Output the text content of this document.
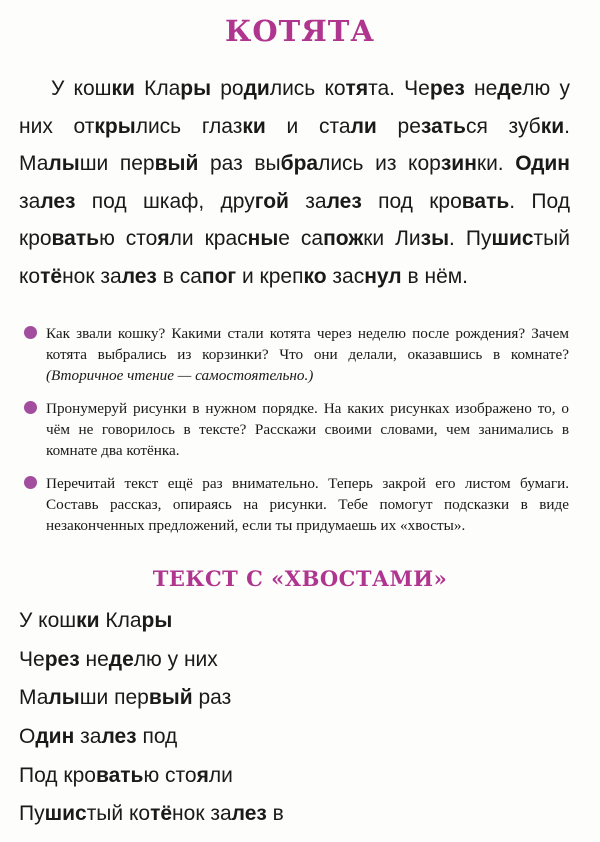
КОТЯТА

У кошки Клары родились котята. Через неделю у них открылись глазки и стали резаться зубки. Малыши первый раз выбрались из корзинки. Один залез под шкаф, другой залез под кровать. Под кроватью стояли красные сапожки Лизы. Пушистый котёнок залез в сапог и крепко заснул в нём.

Как звали кошку? Какими стали котята через неделю после рождения? Зачем котята выбрались из корзинки? Что они делали, оказавшись в комнате? (Вторичное чтение — самостоятельно.)
Пронумеруй рисунки в нужном порядке. На каких рисунках изображено то, о чём не говорилось в тексте? Расскажи своими словами, чем занимались в комнате два котёнка.
Перечитай текст ещё раз внимательно. Теперь закрой его листом бумаги. Составь рассказ, опираясь на рисунки. Тебе помогут подсказки в виде незаконченных предложений, если ты придумаешь их «хвосты».
ТЕКСТ С «ХВОСТАМИ»
У кошки Клары
Через неделю у них
Малыши первый раз
Один залез под
Под кроватью стояли
Пушистый котёнок залез в
